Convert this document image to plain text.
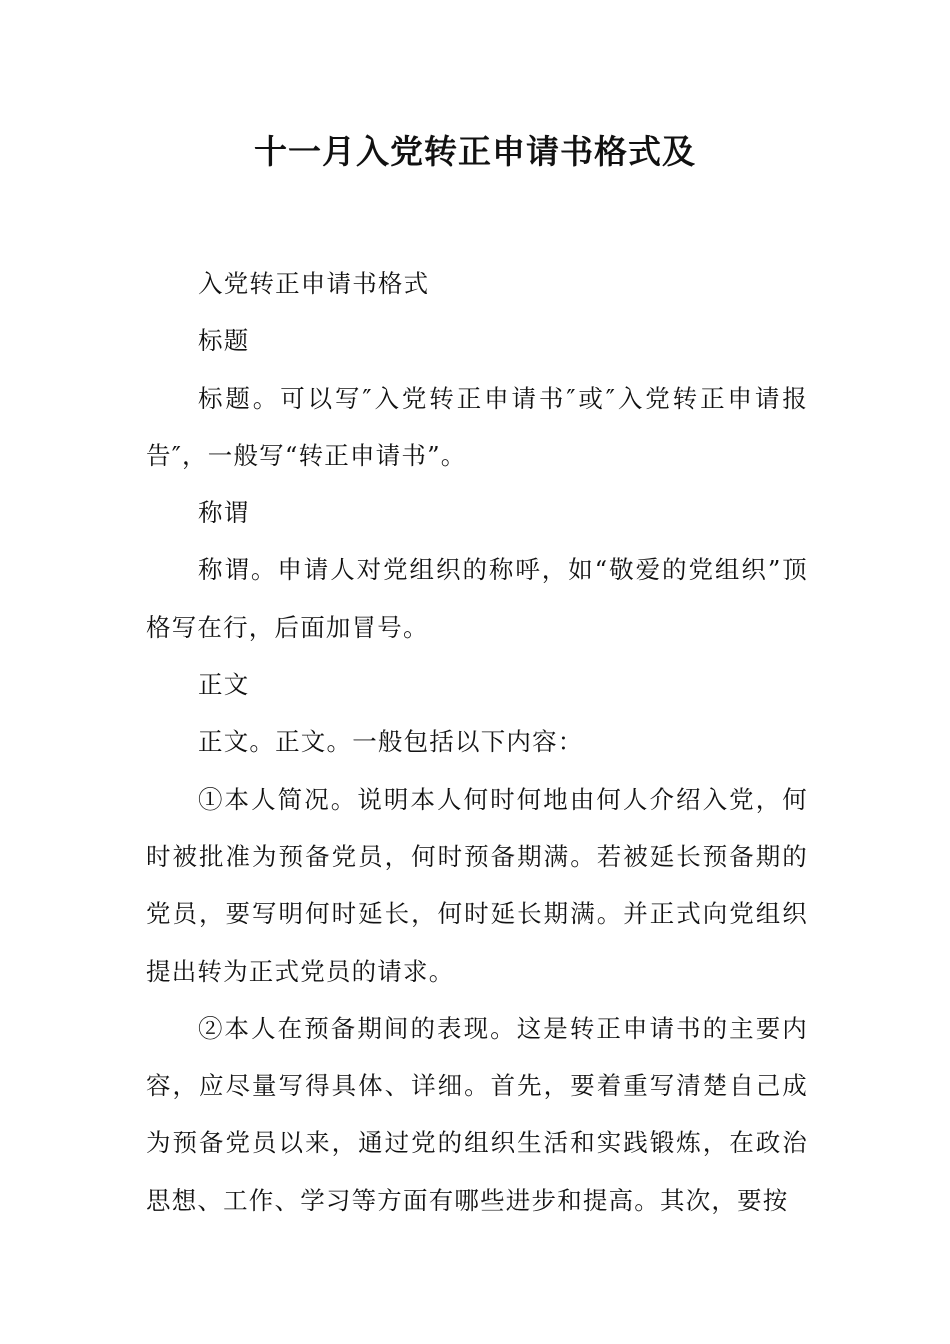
十一月入党转正申请书格式及

入党转正申请书格式

标题

标题。可以写″入党转正申请书″或″入党转正申请报告″，一般写“转正申请书”。

称谓

称谓。申请人对党组织的称呼，如“敬爱的党组织”顶格写在行，后面加冒号。

正文

正文。正文。一般包括以下内容：

①本人简况。说明本人何时何地由何人介绍入党，何时被批准为预备党员，何时预备期满。若被延长预备期的党员，要写明何时延长，何时延长期满。并正式向党组织提出转为正式党员的请求。

②本人在预备期间的表现。这是转正申请书的主要内容，应尽量写得具体、详细。首先，要着重写清楚自己成为预备党员以来，通过党的组织生活和实践锻炼，在政治思想、工作、学习等方面有哪些进步和提高。其次，要按
